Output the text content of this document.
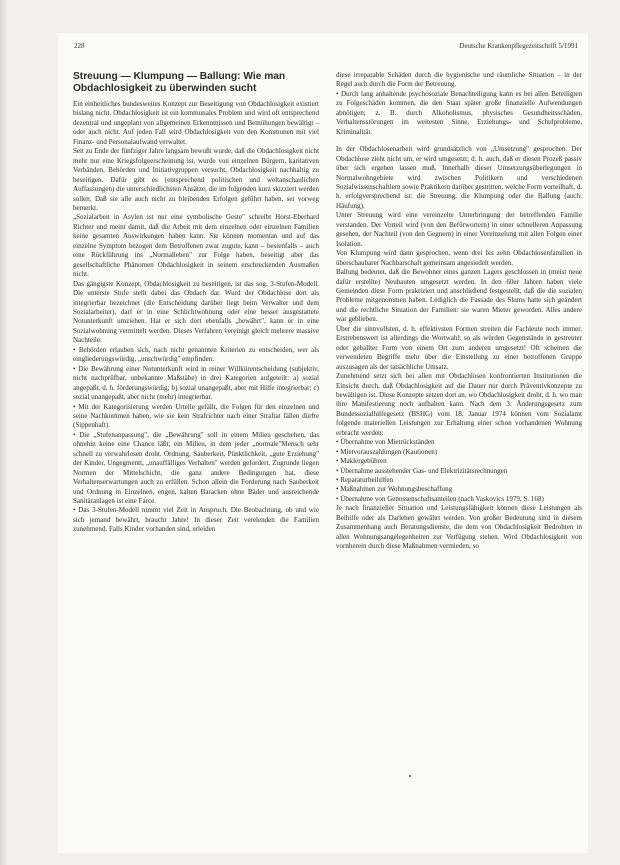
228	Deutsche Krankenpflegezeitschrift 5/1991
Streuung — Klumpung — Ballung: Wie man Obdachlosigkeit zu überwinden sucht

Ein einheitliches bundesweites Konzept zur Beseitigung von Obdachlosigkeit existiert bislang nicht. Obdachlosigkeit ist ein kommunales Problem und wird oft entsprechend dezentral und ungeplant von allgemeinen Erkenntnissen und Bemühungen bewältigt – oder auch nicht. Auf jeden Fall wird Obdachlosigkeit von den Kommunen mit viel Finanz- und Personalaufwand verwaltet.

Seit zu Ende der fünfziger Jahre langsam bewußt wurde, daß die Obdachlosigkeit nicht mehr nur eine Kriegsfolgeerscheinung ist, wurde von einzelnen Bürgern, karitativen Verbänden, Behörden und Initiativgruppen versucht, Obdachlosigkeit nachhaltig zu beseitigen. Dafür gibt es (entsprechend politischen und weltanschaulichen Auffassungen) die unterschiedlichsten Ansätze, die im folgenden kurz skizziert werden sollen. Daß sie alle auch nicht zu bleibenden Erfolgen geführt haben, sei vorweg bemerkt.

„Sozialarbeit in Asylen ist nur eine symbolische Geste" schreibt Horst-Eberhard Richter und meint damit, daß die Arbeit mit dem einzelnen oder einzelnen Familien keine gesamten Auswirkungen haben kann. Sie können momentan und auf das einzelne Symptom bezogen dem Betroffenen zwar zugute, kann – bestenfalls – auch eine Rückführung ins „Normalleben" zur Folge haben, beseitigt aber das gesellschaftliche Phänomen Obdachlosigkeit in seinem erschreckenden Ausmaßen nicht.

Das gängigste Konzept, Obdachlosigkeit zu beseitigen, ist das sog. 3-Stufen-Modell. Die unterste Stufe stellt dabei das Obdach dar. Wurd der Obdachlose dort als integrierbar bezeichnet (die Entscheidung darüber liegt beim Verwalter und dem Sozialarbeiter), darf er in eine Schlichtwohnung oder eine besser ausgestattete Notunterkunft umziehen. Hat er sich dort ebenfalls „bewährt", kann er in eine Sozialwohnung vermittelt werden. Dieses Verfahren vereinigt gleich mehrere massive Nachteile:

• Behörden erlauben sich, nach nicht genannten Kriterien zu entscheiden, wer als eingliederungswürdig, „unschwürdig" empfinden.
• Die Bewährung einer Notunterkunft wird in reiner Willkürentscheidung (subjektiv, nicht nachprüfbar, unbekannte Maßstäbe) in drei Kategorien aufgeteilt: a) sozial angepaßt, d. h. förderungswürdig; b) sozial unangepaßt, aber mit Hilfe integrierbar; c) sozial unangepaßt, aber nicht (mehr) integrierbar.
• Mit der Kategorisierung werden Urteile gefällt, die Folgen für den einzelnen und seine Nachkommen haben, wie sie kein Strafrichter nach einer Straftat fällen dürfte (Sippenhaft).
• Die „Stufenanpassung", die „Bewährung" soll in einem Milieu geschehen, das ohnehin keine eine Chance läßt; ein Milieu, in dem jeder „normale"Mensch sehr schnell zu verwahrlosen droht. Ordnung, Sauberkeit, Pünktlichkeit, „gute Erziehung" der Kinder, Ungegmentt, „unauffälliges Verhalten" werden gefordert. Zugrunde liegen Normen der Mittelschicht, die ganz andere Bedingungen hat, diese Verhaltenserwartungen auch zu erfüllen. Schon allein die Forderung nach Sauberkeit und Ordnung in Einzelnen, engen, kalten Baracken ohne Bäder und ausreichende Sanitäranlagen ist eine Farce.
• Das 3-Stufen-Modell nimmt viel Zeit in Anspruch. Die Beobachtung, ob und wie sich jemand bewährt, braucht Jahre! In dieser Zeit verelenden die Familien zunehmend. Falls Kinder vorhanden sind, erleiden

diese irreparable Schäden durch die hygienische und räumliche Situation – in der Regel auch durch die Form der Betreuung.

• Durch lang anhaltende psychosoziale Benachteiligung kann es bei allen Beteiligten zu Folgeschäden kommen, die den Staat später große finanzielle Aufwendungen abnötigen; z. B. durch Alkoholismus, physisches Gesundheitsschäden, Verhaltensstörungen im weitesten Sinne, Erziehungs- und Schulprobleme, Kriminalität.

In der Obdachlosenarbeit wird grundsätzlich von „Umsetzung" gesprochen. Der Obdachlose zieht nicht um, er wird umgesetzt; d. h. auch, daß er diesen Prozeß passiv über sich ergehen lassen muß. Innerhalb dieser Umsetzungsüberlegungen in Normalwohngebiete wird zwischen Politikern und verschiedenen Sozialwissenschaftlern sowie Praktikern darüber gestritten, welche Form vorteilhaft, d. h. erfolgversprechend ist: die Streuung, die Klumpung oder die Ballung (auch: Häufung).

Unter Streuung wird eine vereinzelte Unterbringung der betreffenden Familie verstanden. Der Vorteil wird (von den Befürwortern) in einer schnelleren Anpassung gesehen, der Nachteil (von den Gegnern) in einer Vereinzelung mit allen Folgen einer Isolation.

Von Klumpung wird dann gesprochen, wenn drei bis zehn Obdachlosenfamilien in überschaubarer Nachbarschaft gemeinsam angesiedelt werden.

Ballung bedeutet, daß die Bewohner eines ganzen Lagers geschlossen in (meist neue dafür erstellte) Neubauten umgesetzt werden. In den 60er Jahren haben viele Gemeinden diese Form praktiziert und anschließend festgestellt, daß die die sozialen Probleme mitgenommen haben. Lediglich die Fassade des Slums hatte sich geändert und die rechtliche Situation der Familien: sie waren Mieter geworden. Alles andere war geblieben.

Über die sinnvollsten, d. h. effektivsten Formen streiten die Fachleute noch immer. Erstrebenswert ist allerdings die Wortwahl: so als würden Gegenstände in gestreuter oder geballter Form von einem Ort zum anderen umgesetzt! Oft scheinen die verwendeten Begriffe mehr über die Einstellung zu einer betroffenen Gruppe auszusagen als der tatsächliche Umsatz.

Zunehmend setzt sich bei allen mit Obdachlosen konfrontierten Institutionen die Einsicht durch, daß Obdachlosigkeit auf die Dauer nur durch Präventivkonzepte zu bewältigen ist. Diese Konzepte setzen dort an, wo Obdachlosigkeit droht, d. h. wo man ihre Manifestierung noch aufhalten kann. Nach dem 3. Änderungsgesetz zum Bundessozialhilfegesetz (BSHG) vom 18. Januar 1974 können vom Sozialamt folgende materiellen Leistungen zur Erhaltung einer schon vorhandenen Wohnung erbracht werden:

• Übernahme von Mietrückständen
• Mietvorauszahlungen (Kautionen)
• Maklergebühren
• Übernahme ausstehender Gas- und Elektrizitätsrechnungen
• Reparaturbeihilfen
• Maßnahmen zur Wohnungsbeschaffung
• Übernahme von Genossenschaftsanteilen (nach Vaskovics 1979, S. 168)

Je nach finanzieller Situation und Leistungsfähigkeit können diese Leistungen als Beihilfe oder als Darlehen gewährt werden. Von großer Bedeutung sind in diesem Zusammenhang auch Beratungsdienste, die dem von Obdachlosigkeit Bedrohten in allen Wohnungsangelegenheiten zur Verfügung stehen. Wird Obdachlosigkeit von vornherein durch diese Maßnahmen vermieden, so
